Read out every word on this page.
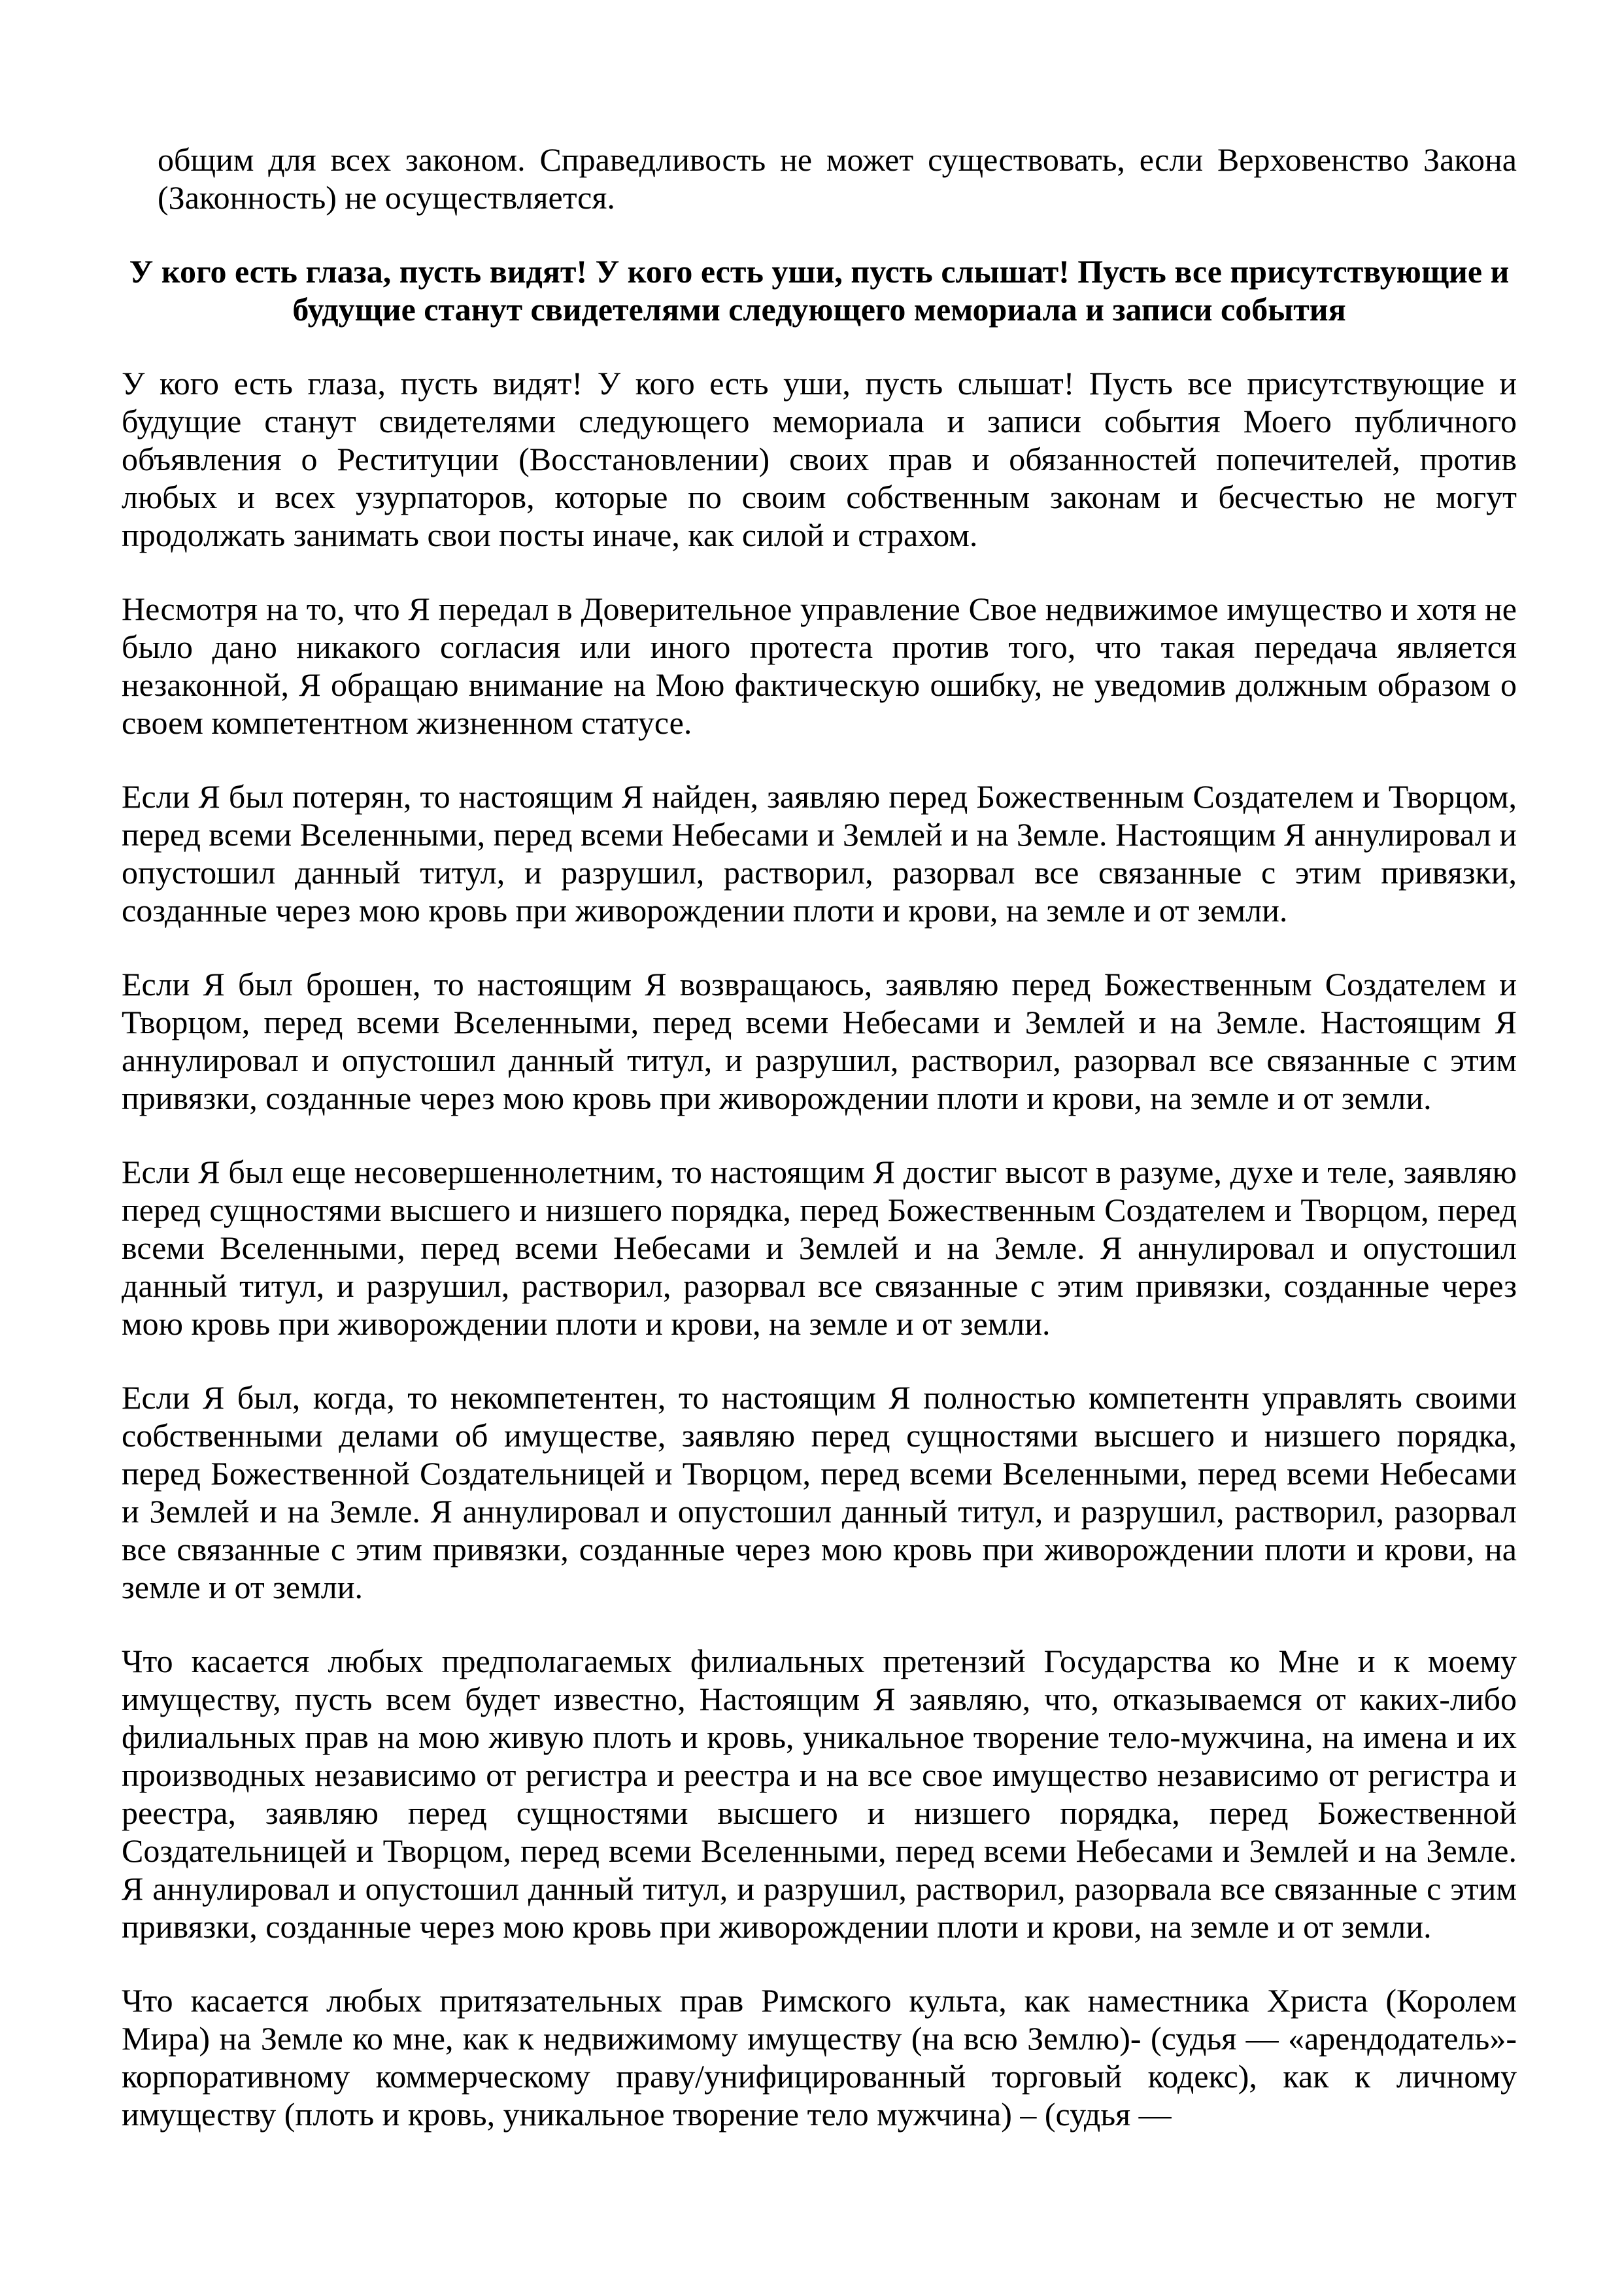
общим для всех законом. Справедливость не может существовать, если Верховенство Закона (Законность) не осуществляется.

У кого есть глаза, пусть видят! У кого есть уши, пусть слышат! Пусть все присутствующие и будущие станут свидетелями следующего мемориала и записи события

У кого есть глаза, пусть видят! У кого есть уши, пусть слышат! Пусть все присутствующие и будущие станут свидетелями следующего мемориала и записи события Моего публичного объявления о Реституции (Восстановлении) своих прав и обязанностей попечителей, против любых и всех узурпаторов, которые по своим собственным законам и бесчестью не могут продолжать занимать свои посты иначе, как силой и страхом.

Несмотря на то, что Я передал в Доверительное управление Свое недвижимое имущество и хотя не было дано никакого согласия или иного протеста против того, что такая передача является незаконной, Я обращаю внимание на Мою фактическую ошибку, не уведомив должным образом о своем компетентном жизненном статусе.

Если Я был потерян, то настоящим Я найден, заявляю перед Божественным Создателем и Творцом, перед всеми Вселенными, перед всеми Небесами и Землей и на Земле. Настоящим Я аннулировал и опустошил данный титул, и разрушил, растворил, разорвал все связанные с этим привязки, созданные через мою кровь при живорождении плоти и крови, на земле и от земли.

Если Я был брошен, то настоящим Я возвращаюсь, заявляю перед Божественным Создателем и Творцом, перед всеми Вселенными, перед всеми Небесами и Землей и на Земле. Настоящим Я аннулировал и опустошил данный титул, и разрушил, растворил, разорвал все связанные с этим привязки, созданные через мою кровь при живорождении плоти и крови, на земле и от земли.

Если Я был еще несовершеннолетним, то настоящим Я достиг высот в разуме, духе и теле, заявляю перед сущностями высшего и низшего порядка, перед Божественным Создателем и Творцом, перед всеми Вселенными, перед всеми Небесами и Землей и на Земле. Я аннулировал и опустошил данный титул, и разрушил, растворил, разорвал все связанные с этим привязки, созданные через мою кровь при живорождении плоти и крови, на земле и от земли.

Если Я был, когда, то некомпетентен, то настоящим Я полностью компетентн управлять своими собственными делами об имуществе, заявляю перед сущностями высшего и низшего порядка, перед Божественной Создательницей и Творцом, перед всеми Вселенными, перед всеми Небесами и Землей и на Земле. Я аннулировал и опустошил данный титул, и разрушил, растворил, разорвал все связанные с этим привязки, созданные через мою кровь при живорождении плоти и крови, на земле и от земли.

Что касается любых предполагаемых филиальных претензий Государства ко Мне и к моему имуществу, пусть всем будет известно, Настоящим Я заявляю, что, отказываемся от каких-либо филиальных прав на мою живую плоть и кровь, уникальное творение тело-мужчина, на имена и их производных независимо от регистра и реестра и на все свое имущество независимо от регистра и реестра, заявляю перед сущностями высшего и низшего порядка, перед Божественной Создательницей и Творцом, перед всеми Вселенными, перед всеми Небесами и Землей и на Земле. Я аннулировал и опустошил данный титул, и разрушил, растворил, разорвала все связанные с этим привязки, созданные через мою кровь при живорождении плоти и крови, на земле и от земли.

Что касается любых притязательных прав Римского культа, как наместника Христа (Королем Мира) на Земле ко мне, как к недвижимому имуществу (на всю Землю)- (судья — «арендодатель»- корпоративному коммерческому праву/унифицированный торговый кодекс), как к личному имуществу (плоть и кровь, уникальное творение тело мужчина) – (судья —
